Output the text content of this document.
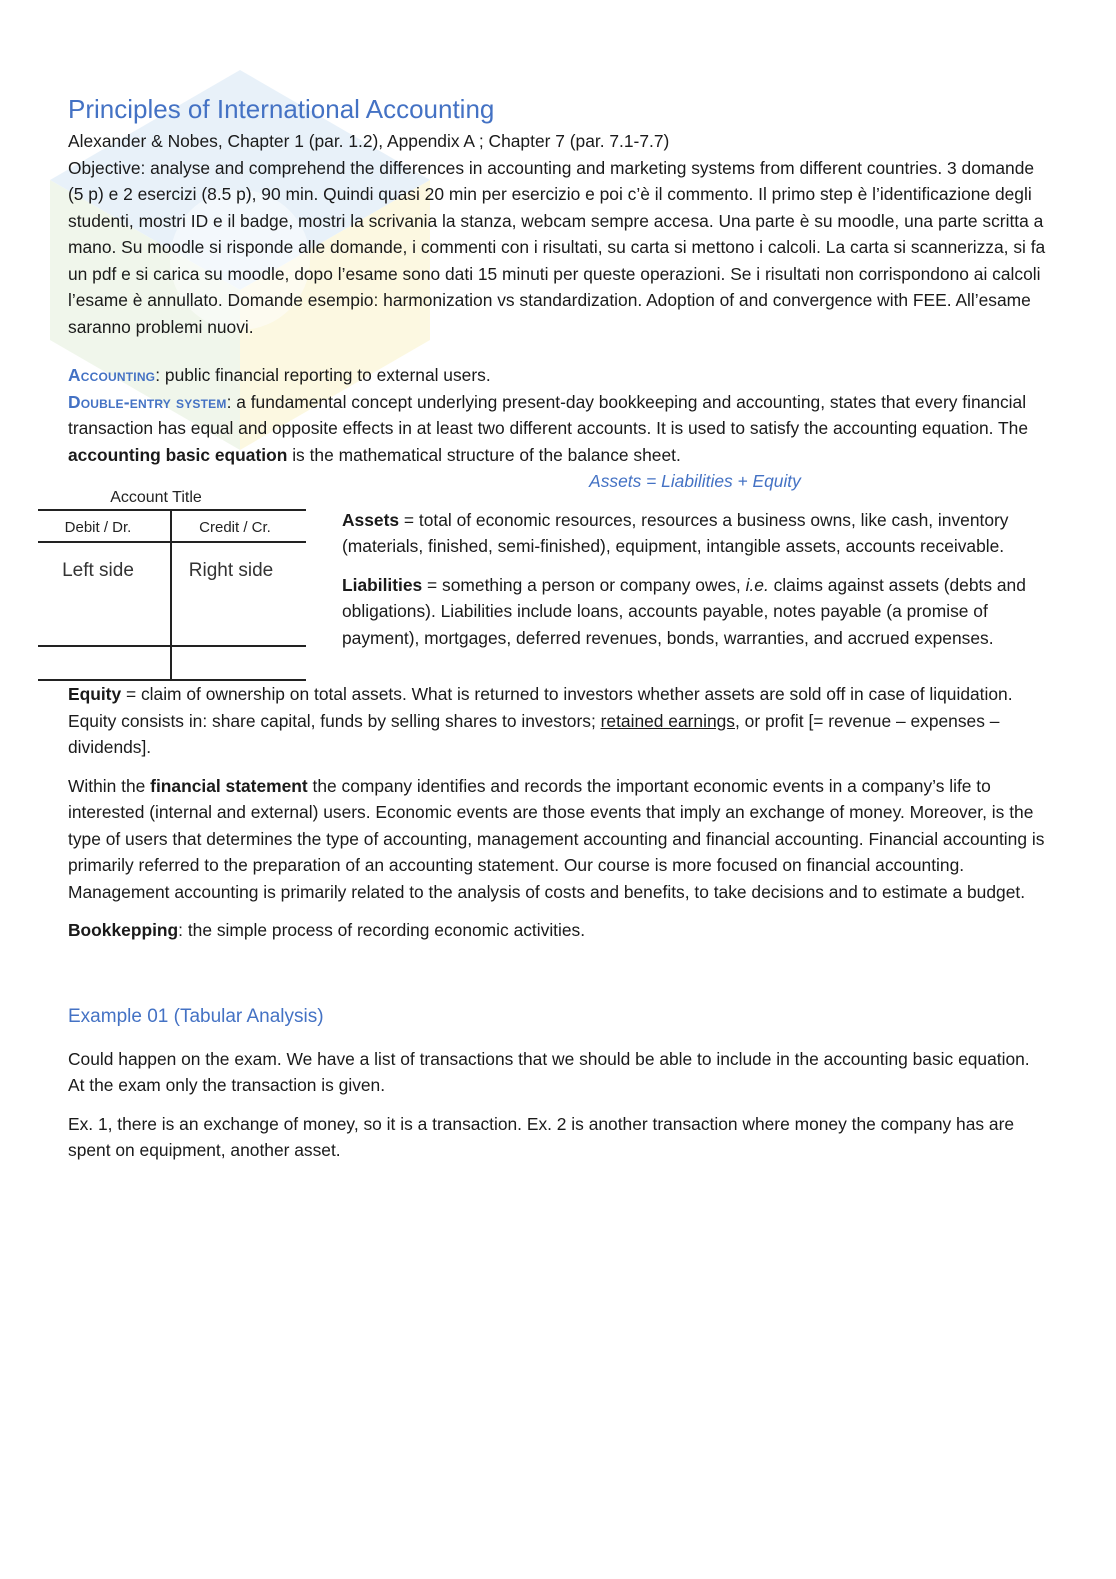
Principles of International Accounting

Alexander & Nobes, Chapter 1 (par. 1.2), Appendix A ; Chapter 7 (par. 7.1-7.7)

Objective: analyse and comprehend the differences in accounting and marketing systems from different countries. 3 domande (5 p) e 2 esercizi (8.5 p), 90 min. Quindi quasi 20 min per esercizio e poi c’è il commento. Il primo step è l’identificazione degli studenti, mostri ID e il badge, mostri la scrivania la stanza, webcam sempre accesa. Una parte è su moodle, una parte scritta a mano. Su moodle si risponde alle domande, i commenti con i risultati, su carta si mettono i calcoli. La carta si scannerizza, si fa un pdf e si carica su moodle, dopo l’esame sono dati 15 minuti per queste operazioni. Se i risultati non corrispondono ai calcoli l’esame è annullato. Domande esempio: harmonization vs standardization. Adoption of and convergence with FEE. All’esame saranno problemi nuovi.

Accounting: public financial reporting to external users.

Double-entry system: a fundamental concept underlying present-day bookkeeping and accounting, states that every financial transaction has equal and opposite effects in at least two different accounts. It is used to satisfy the accounting equation. The accounting basic equation is the mathematical structure of the balance sheet.

Account Title
Debit / Dr.	Credit / Cr.
Left side	Right side

Assets = Liabilities + Equity

Assets = total of economic resources, resources a business owns, like cash, inventory (materials, finished, semi-finished), equipment, intangible assets, accounts receivable.

Liabilities = something a person or company owes, i.e. claims against assets (debts and obligations). Liabilities include loans, accounts payable, notes payable (a promise of payment), mortgages, deferred revenues, bonds, warranties, and accrued expenses.

Equity = claim of ownership on total assets. What is returned to investors whether assets are sold off in case of liquidation. Equity consists in: share capital, funds by selling shares to investors; retained earnings, or profit [= revenue – expenses – dividends].

Within the financial statement the company identifies and records the important economic events in a company’s life to interested (internal and external) users. Economic events are those events that imply an exchange of money. Moreover, is the type of users that determines the type of accounting, management accounting and financial accounting. Financial accounting is primarily referred to the preparation of an accounting statement. Our course is more focused on financial accounting. Management accounting is primarily related to the analysis of costs and benefits, to take decisions and to estimate a budget.

Bookkepping: the simple process of recording economic activities.

Example 01 (Tabular Analysis)

Could happen on the exam. We have a list of transactions that we should be able to include in the accounting basic equation. At the exam only the transaction is given.

Ex. 1, there is an exchange of money, so it is a transaction. Ex. 2 is another transaction where money the company has are spent on equipment, another asset.
